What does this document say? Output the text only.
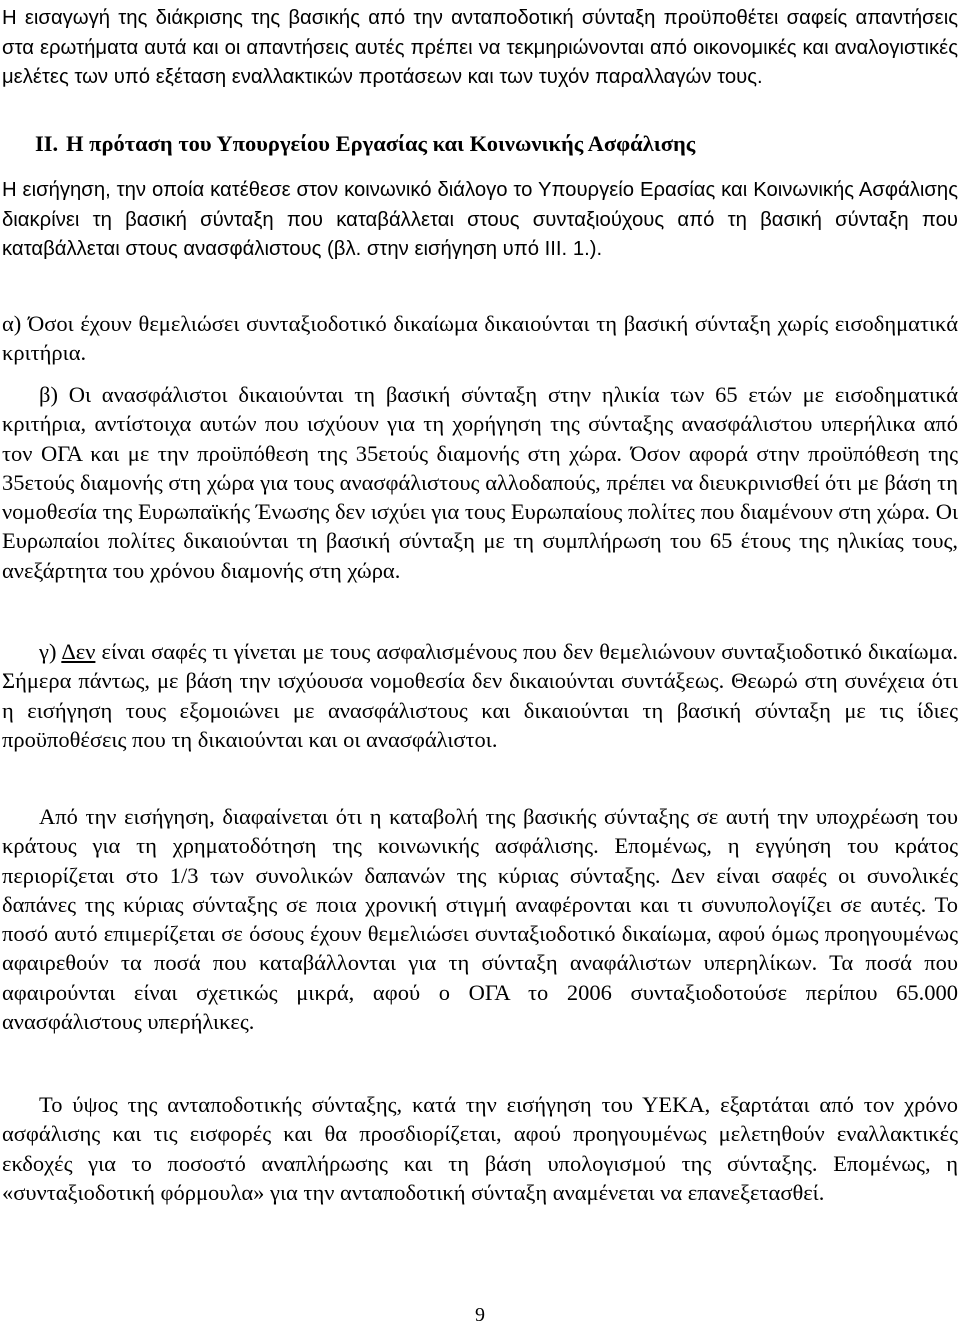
Η εισαγωγή της διάκρισης της βασικής από την ανταποδοτική σύνταξη προϋποθέτει σαφείς απαντήσεις στα ερωτήματα αυτά και οι απαντήσεις αυτές πρέπει να τεκμηριώνονται από οικονομικές και αναλογιστικές μελέτες των υπό εξέταση εναλλακτικών προτάσεων και των τυχόν παραλλαγών τους.

ΙΙ. Η πρόταση του Υπουργείου Εργασίας και Κοινωνικής Ασφάλισης

Η εισήγηση, την οποία κατέθεσε στον κοινωνικό διάλογο το Υπουργείο Ερασίας και Κοινωνικής Ασφάλισης διακρίνει τη βασική σύνταξη που καταβάλλεται στους συνταξιούχους από τη βασική σύνταξη που καταβάλλεται στους ανασφάλιστους (βλ. στην εισήγηση υπό ΙΙΙ. 1.).

α) Όσοι έχουν θεμελιώσει συνταξιοδοτικό δικαίωμα δικαιούνται τη βασική σύνταξη χωρίς εισοδηματικά κριτήρια.

β) Οι ανασφάλιστοι δικαιούνται τη βασική σύνταξη στην ηλικία των 65 ετών με εισοδηματικά κριτήρια, αντίστοιχα αυτών που ισχύουν για τη χορήγηση της σύνταξης ανασφάλιστου υπερήλικα από τον ΟΓΑ και με την προϋπόθεση της 35ετούς διαμονής στη χώρα. Όσον αφορά στην προϋπόθεση της 35ετούς διαμονής στη χώρα για τους ανασφάλιστους αλλοδαπούς, πρέπει να διευκρινισθεί ότι με βάση τη νομοθεσία της Ευρωπαϊκής Ένωσης δεν ισχύει για τους Ευρωπαίους πολίτες που διαμένουν στη χώρα. Οι Ευρωπαίοι πολίτες δικαιούνται τη βασική σύνταξη με τη συμπλήρωση του 65 έτους της ηλικίας τους, ανεξάρτητα του χρόνου διαμονής στη χώρα.

γ) Δεν είναι σαφές τι γίνεται με τους ασφαλισμένους που δεν θεμελιώνουν συνταξιοδοτικό δικαίωμα. Σήμερα πάντως, με βάση την ισχύουσα νομοθεσία δεν δικαιούνται συντάξεως. Θεωρώ στη συνέχεια ότι η εισήγηση τους εξομοιώνει με ανασφάλιστους και δικαιούνται τη βασική σύνταξη με τις ίδιες προϋποθέσεις που τη δικαιούνται και οι ανασφάλιστοι.

Από την εισήγηση, διαφαίνεται ότι η καταβολή της βασικής σύνταξης σε αυτή την υποχρέωση του κράτους για τη χρηματοδότηση της κοινωνικής ασφάλισης. Επομένως, η εγγύηση του κράτος περιορίζεται στο 1/3 των συνολικών δαπανών της κύριας σύνταξης. Δεν είναι σαφές οι συνολικές δαπάνες της κύριας σύνταξης σε ποια χρονική στιγμή αναφέρονται και τι συνυπολογίζει σε αυτές. Το ποσό αυτό επιμερίζεται σε όσους έχουν θεμελιώσει συνταξιοδοτικό δικαίωμα, αφού όμως προηγουμένως αφαιρεθούν τα ποσά που καταβάλλονται για τη σύνταξη αναφάλιστων υπερηλίκων. Τα ποσά που αφαιρούνται είναι σχετικώς μικρά, αφού ο ΟΓΑ το 2006 συνταξιοδοτούσε περίπου 65.000 ανασφάλιστους υπερήλικες.

Το ύψος της ανταποδοτικής σύνταξης, κατά την εισήγηση του ΥΕΚΑ, εξαρτάται από τον χρόνο ασφάλισης και τις εισφορές και θα προσδιορίζεται, αφού προηγουμένως μελετηθούν εναλλακτικές εκδοχές για το ποσοστό αναπλήρωσης και τη βάση υπολογισμού της σύνταξης. Επομένως, η «συνταξιοδοτική φόρμουλα» για την ανταποδοτική σύνταξη αναμένεται να επανεξετασθεί.

9
